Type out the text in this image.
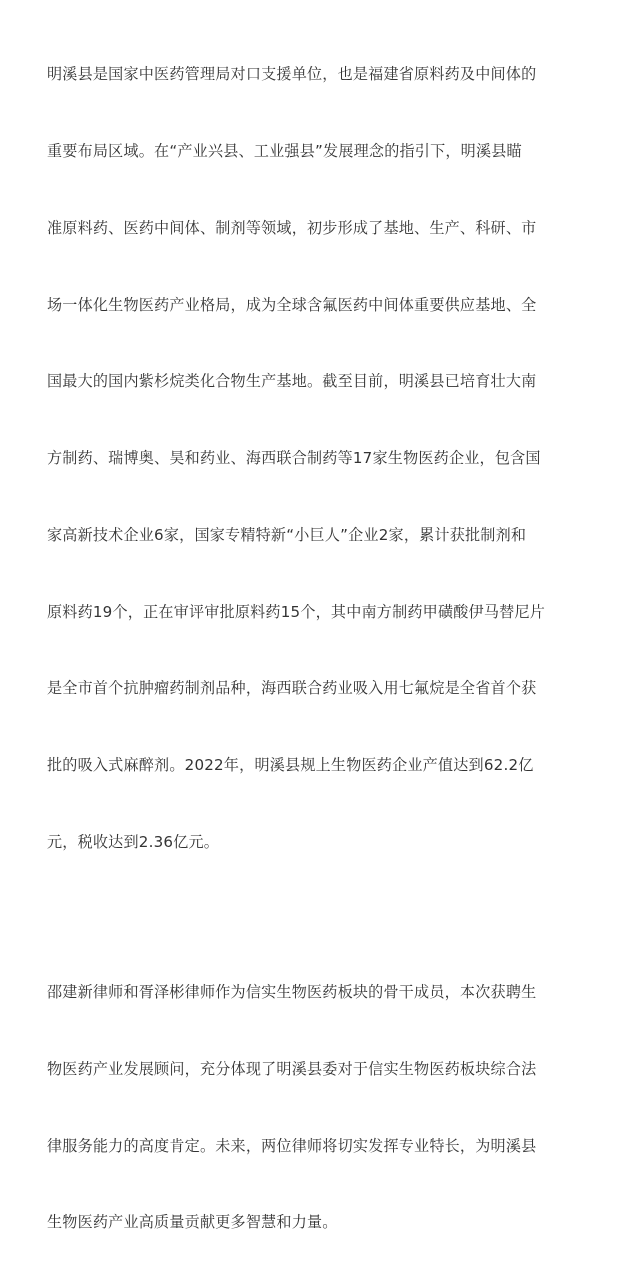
明溪县是国家中医药管理局对口支援单位，也是福建省原料药及中间体的

重要布局区域。在“产业兴县、工业强县”发展理念的指引下，明溪县瞄

准原料药、医药中间体、制剂等领域，初步形成了基地、生产、科研、市

场一体化生物医药产业格局，成为全球含氟医药中间体重要供应基地、全

国最大的国内紫杉烷类化合物生产基地。截至目前，明溪县已培育壮大南

方制药、瑞博奥、昊和药业、海西联合制药等17家生物医药企业，包含国

家高新技术企业6家，国家专精特新“小巨人”企业2家，累计获批制剂和

原料药19个，正在审评审批原料药15个，其中南方制药甲磺酸伊马替尼片

是全市首个抗肿瘤药制剂品种，海西联合药业吸入用七氟烷是全省首个获

批的吸入式麻醉剂。2022年，明溪县规上生物医药企业产值达到62.2亿

元，税收达到2.36亿元。

邵建新律师和胥泽彬律师作为信实生物医药板块的骨干成员，本次获聘生

物医药产业发展顾问，充分体现了明溪县委对于信实生物医药板块综合法

律服务能力的高度肯定。未来，两位律师将切实发挥专业特长，为明溪县

生物医药产业高质量贡献更多智慧和力量。
